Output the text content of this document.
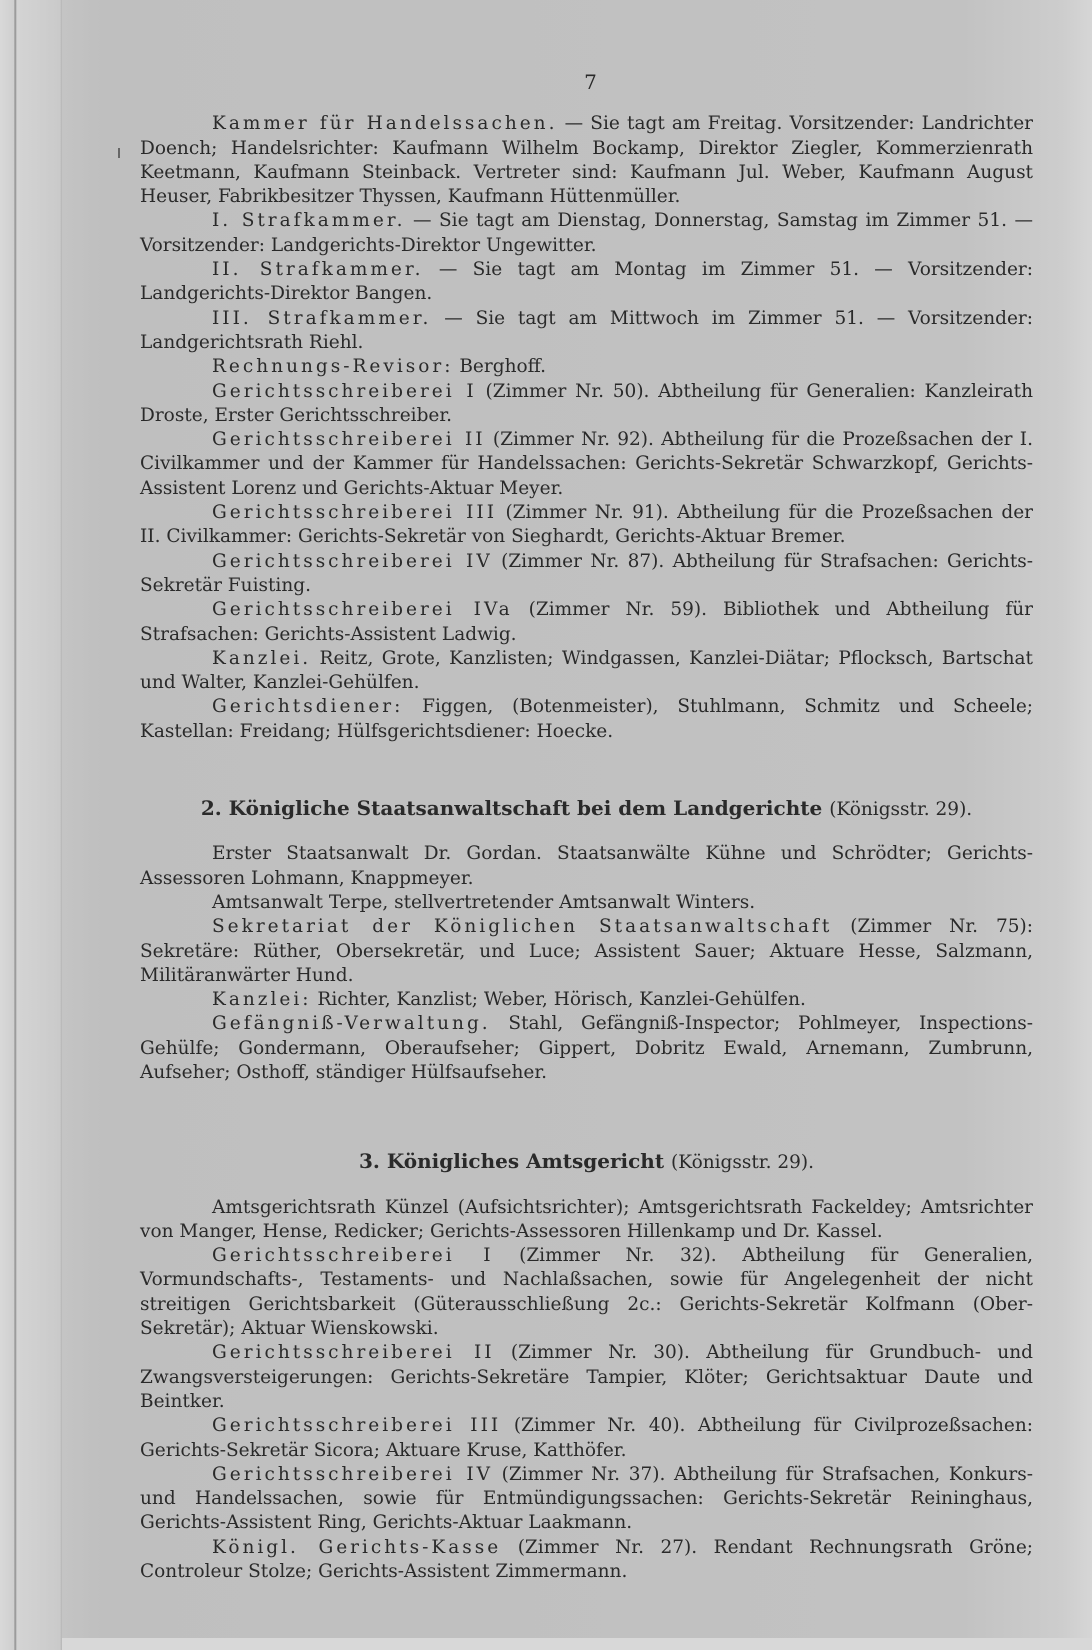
7

Kammer für Handelssachen. — Sie tagt am Freitag. Vorsitzender: Landrichter Doench; Handelsrichter: Kaufmann Wilhelm Bockamp, Direktor Ziegler, Kommerzienrath Keetmann, Kaufmann Steinback. Vertreter sind: Kaufmann Jul. Weber, Kaufmann August Heuser, Fabrikbesitzer Thyssen, Kaufmann Hüttenmüller.

I. Strafkammer. — Sie tagt am Dienstag, Donnerstag, Samstag im Zimmer 51. — Vorsitzender: Landgerichts-Direktor Ungewitter.

II. Strafkammer. — Sie tagt am Montag im Zimmer 51. — Vorsitzender: Landgerichts-Direktor Bangen.

III. Strafkammer. — Sie tagt am Mittwoch im Zimmer 51. — Vorsitzender: Landgerichtsrath Riehl.

Rechnungs-Revisor: Berghoff.

Gerichtsschreiberei I (Zimmer Nr. 50). Abtheilung für Generalien: Kanzleirath Droste, Erster Gerichtsschreiber.

Gerichtsschreiberei II (Zimmer Nr. 92). Abtheilung für die Prozeßsachen der I. Civilkammer und der Kammer für Handelssachen: Gerichts-Sekretär Schwarzkopf, Gerichts-Assistent Lorenz und Gerichts-Aktuar Meyer.

Gerichtsschreiberei III (Zimmer Nr. 91). Abtheilung für die Prozeßsachen der II. Civilkammer: Gerichts-Sekretär von Sieghardt, Gerichts-Aktuar Bremer.

Gerichtsschreiberei IV (Zimmer Nr. 87). Abtheilung für Strafsachen: Gerichts-Sekretär Fuisting.

Gerichtsschreiberei IVa (Zimmer Nr. 59). Bibliothek und Abtheilung für Strafsachen: Gerichts-Assistent Ladwig.

Kanzlei. Reitz, Grote, Kanzlisten; Windgassen, Kanzlei-Diätar; Pflocksch, Bartschat und Walter, Kanzlei-Gehülfen.

Gerichtsdiener: Figgen, (Botenmeister), Stuhlmann, Schmitz und Scheele; Kastellan: Freidang; Hülfsgerichtsdiener: Hoecke.

2. Königliche Staatsanwaltschaft bei dem Landgerichte (Königsstr. 29).

Erster Staatsanwalt Dr. Gordan. Staatsanwälte Kühne und Schrödter; Gerichts-Assessoren Lohmann, Knappmeyer.

Amtsanwalt Terpe, stellvertretender Amtsanwalt Winters.

Sekretariat der Königlichen Staatsanwaltschaft (Zimmer Nr. 75): Sekretäre: Rüther, Obersekretär, und Luce; Assistent Sauer; Aktuare Hesse, Salzmann, Militäranwärter Hund.

Kanzlei: Richter, Kanzlist; Weber, Hörisch, Kanzlei-Gehülfen.

Gefängniß-Verwaltung. Stahl, Gefängniß-Inspector; Pohlmeyer, Inspections-Gehülfe; Gondermann, Oberaufseher; Gippert, Dobritz Ewald, Arnemann, Zumbrunn, Aufseher; Osthoff, ständiger Hülfsaufseher.

3. Königliches Amtsgericht (Königsstr. 29).

Amtsgerichtsrath Künzel (Aufsichtsrichter); Amtsgerichtsrath Fackeldey; Amtsrichter von Manger, Hense, Redicker; Gerichts-Assessoren Hillenkamp und Dr. Kassel.

Gerichtsschreiberei I (Zimmer Nr. 32). Abtheilung für Generalien, Vormundschafts-, Testaments- und Nachlaßsachen, sowie für Angelegenheit der nicht streitigen Gerichtsbarkeit (Güterausschließung 2c.: Gerichts-Sekretär Kolfmann (Ober-Sekretär); Aktuar Wienskowski.

Gerichtsschreiberei II (Zimmer Nr. 30). Abtheilung für Grundbuch- und Zwangsversteigerungen: Gerichts-Sekretäre Tampier, Klöter; Gerichtsaktuar Daute und Beintker.

Gerichtsschreiberei III (Zimmer Nr. 40). Abtheilung für Civilprozeßsachen: Gerichts-Sekretär Sicora; Aktuare Kruse, Katthöfer.

Gerichtsschreiberei IV (Zimmer Nr. 37). Abtheilung für Strafsachen, Konkurs- und Handelssachen, sowie für Entmündigungssachen: Gerichts-Sekretär Reininghaus, Gerichts-Assistent Ring, Gerichts-Aktuar Laakmann.

Königl. Gerichts-Kasse (Zimmer Nr. 27). Rendant Rechnungsrath Gröne; Controleur Stolze; Gerichts-Assistent Zimmermann.
